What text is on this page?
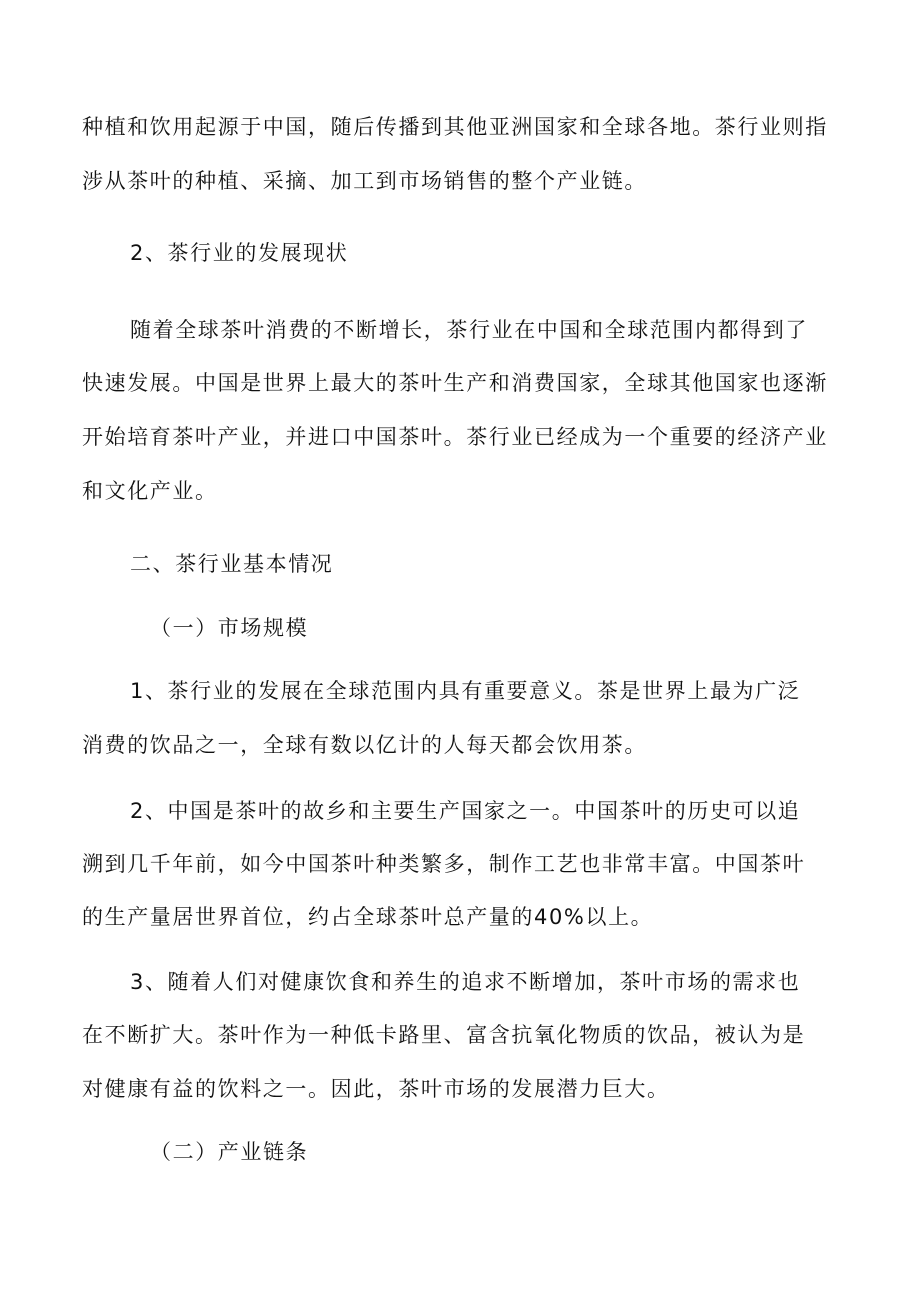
种植和饮用起源于中国，随后传播到其他亚洲国家和全球各地。茶行业则指
涉从茶叶的种植、采摘、加工到市场销售的整个产业链。
2、茶行业的发展现状
随着全球茶叶消费的不断增长，茶行业在中国和全球范围内都得到了
快速发展。中国是世界上最大的茶叶生产和消费国家，全球其他国家也逐渐
开始培育茶叶产业，并进口中国茶叶。茶行业已经成为一个重要的经济产业
和文化产业。
二、茶行业基本情况
（一）市场规模
1、茶行业的发展在全球范围内具有重要意义。茶是世界上最为广泛
消费的饮品之一，全球有数以亿计的人每天都会饮用茶。
2、中国是茶叶的故乡和主要生产国家之一。中国茶叶的历史可以追
溯到几千年前，如今中国茶叶种类繁多，制作工艺也非常丰富。中国茶叶
的生产量居世界首位，约占全球茶叶总产量的40%以上。
3、随着人们对健康饮食和养生的追求不断增加，茶叶市场的需求也
在不断扩大。茶叶作为一种低卡路里、富含抗氧化物质的饮品，被认为是
对健康有益的饮料之一。因此，茶叶市场的发展潜力巨大。
（二）产业链条
